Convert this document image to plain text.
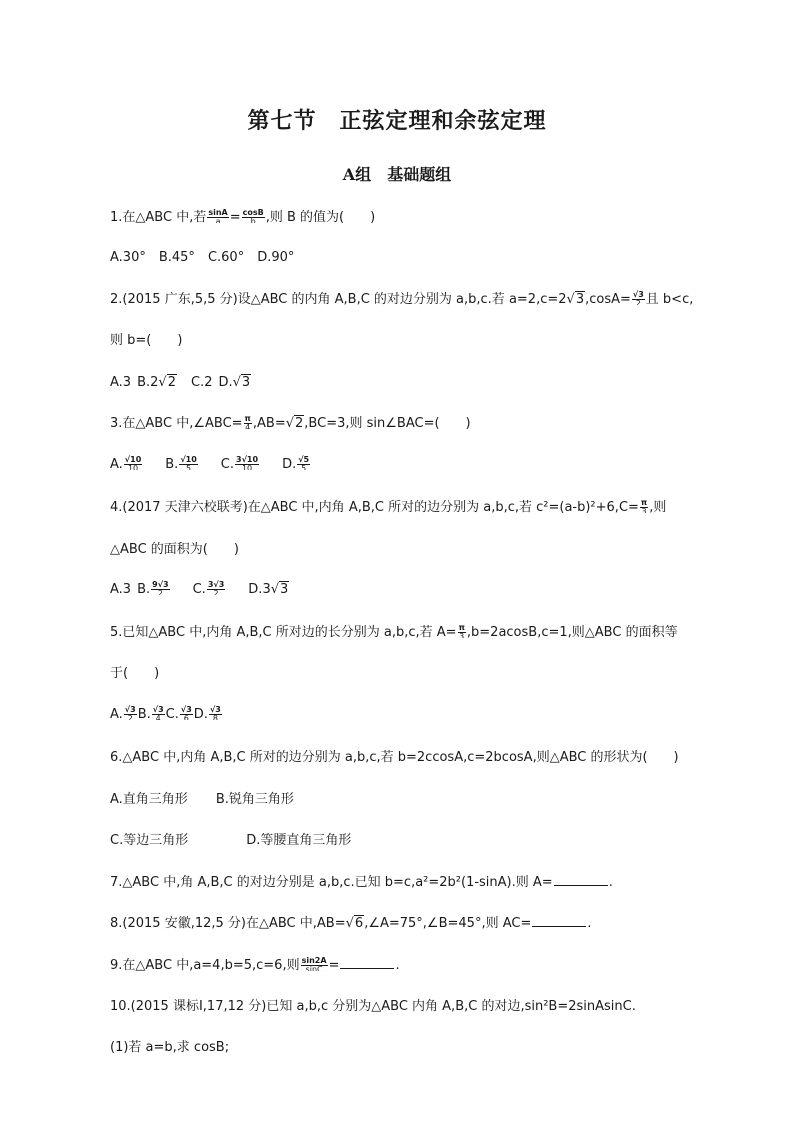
第七节　正弦定理和余弦定理
A组　基础题组
1.在△ABC 中,若 $\frac{\sin A}{a} = \frac{\cos B}{b}$ ,则 B 的值为(　　)
A.30° B.45° C.60° D.90°
2.(2015 广东,5,5 分)设△ABC 的内角 A,B,C 的对边分别为 a,b,c.若 $a=2,c=2√3,\cos A= \frac{√3}{2}$ 且 b<c,
则 b=(　　)
A.3 B.2√2 C.2 D.√3
3.在△ABC 中,∠ABC= $\frac{\pi}{4} ,AB=√2,BC=3$,则 sin∠BAC=(　　)
A. $\frac{√10}{10} B$. $\frac{√10}{5} C$. $\frac{3√10}{10} D$. $\frac{√5}{5}$
4.(2017 天津六校联考)在△ABC 中,内角 A,B,C 所对的边分别为 a,b,c,若 $c^2=(a-b)^2+6,C= \frac{\pi}{3}$ ,则
△ABC 的面积为(　　)
A.3 B. $\frac{9√3}{2} C$. $\frac{3√3}{2} D.3√3$
5.已知△ABC 中,内角 A,B,C 所对边的长分别为 a,b,c,若 $A= \frac{\pi}{3} ,b=2acosB,c=1$,则△ABC 的面积等
于(　　)
A. $\frac{√3}{2} B$. $\frac{√3}{4} C$. $\frac{√3}{6} D$. $\frac{√3}{8}$
6.△ABC 中,内角 A,B,C 所对的边分别为 a,b,c,若 b=2ccosA,c=2bcosA,则△ABC 的形状为(　　)
A.直角三角形 B.锐角三角形
C.等边三角形	D.等腰直角三角形
7.△ABC 中,角 A,B,C 的对边分别是 a,b,c.已知 b=c,a²=2b²(1-sinA).则 A=	.
8.(2015 安徽,12,5 分)在△ABC 中,AB=√6,∠A=75°,∠B=45°,则 AC=	.
9.在△ABC 中,a=4,b=5,c=6,则 $\frac{\sin 2A}{\sin C}$ =	.
10.(2015 课标Ⅰ,17,12 分)已知 a,b,c 分别为△ABC 内角 A,B,C 的对边,sin²B=2sinAsinC.
(1)若 a=b,求 cosB;
